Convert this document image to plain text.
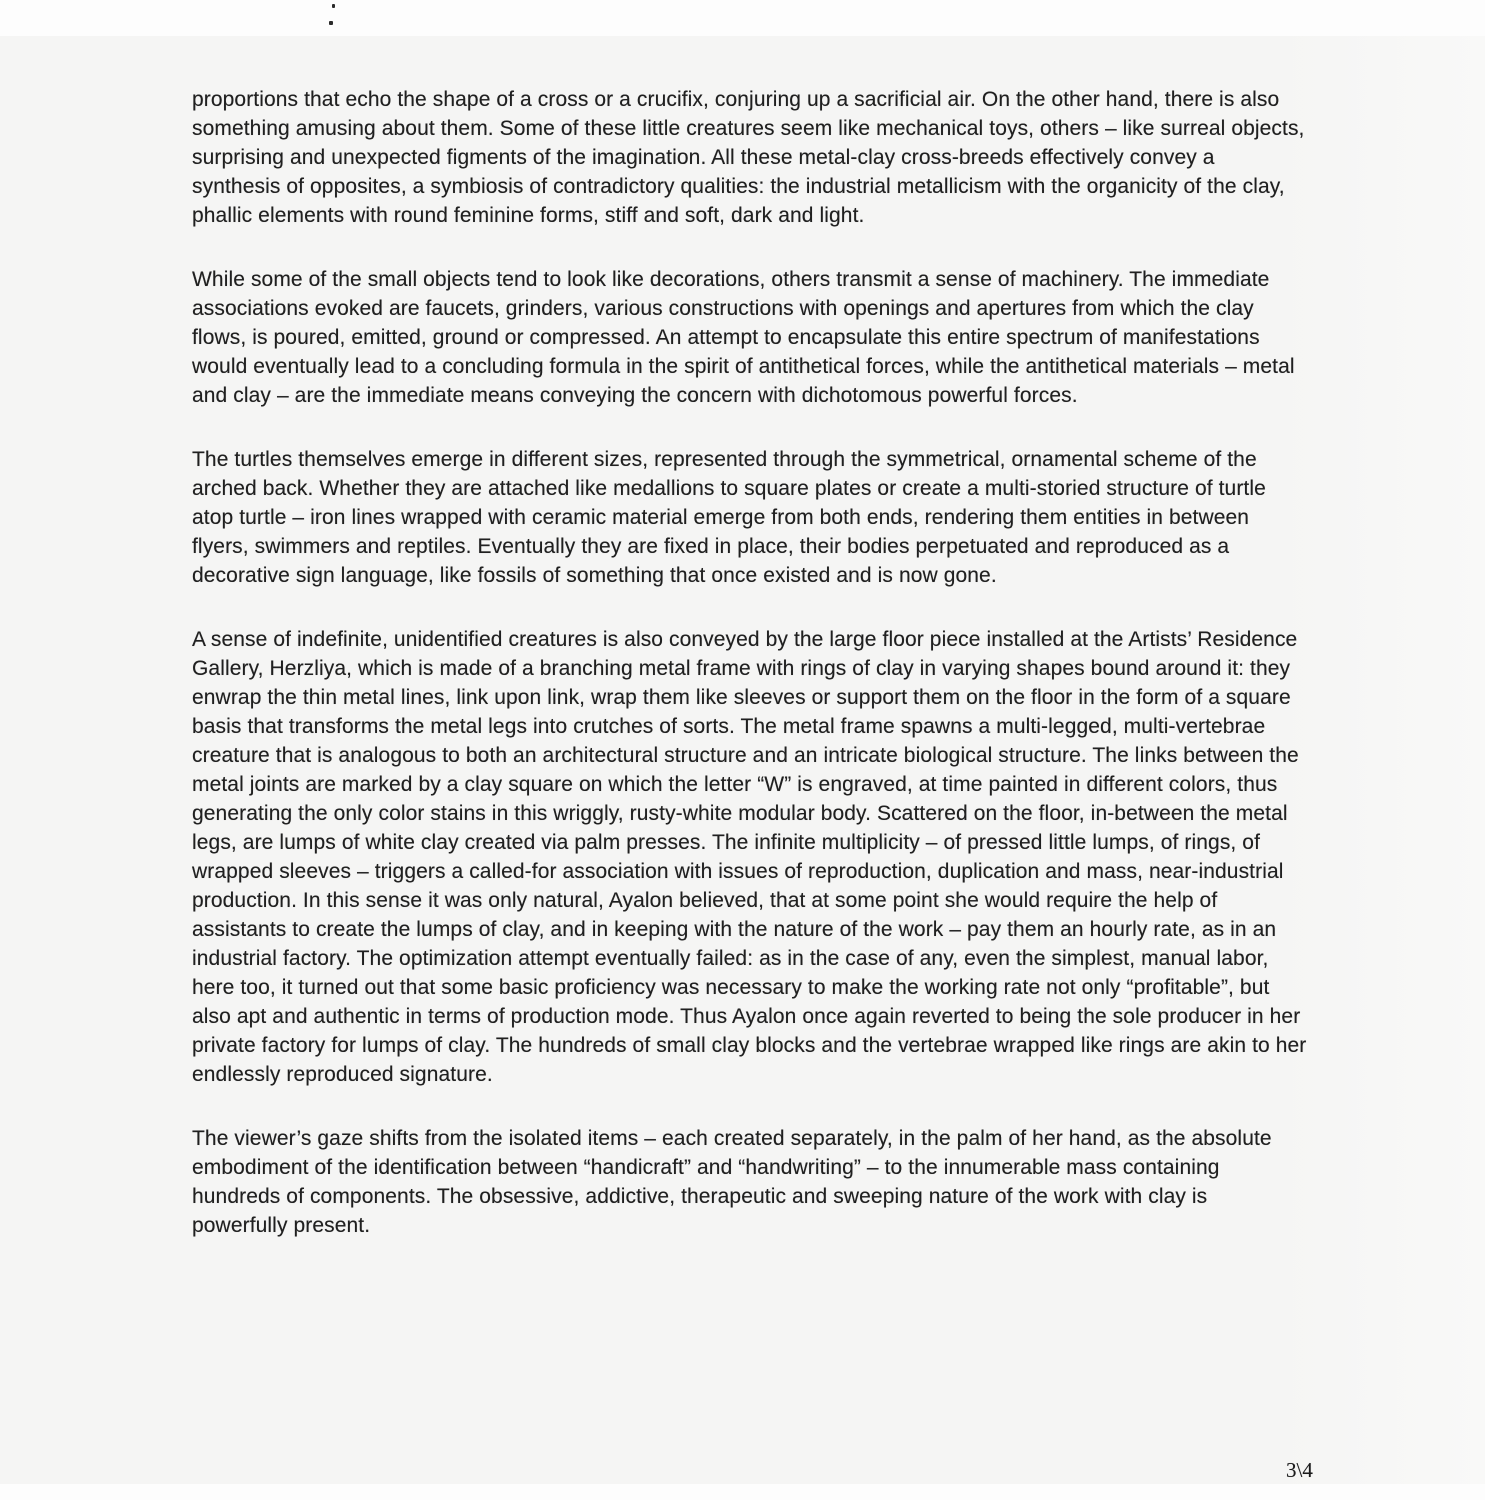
proportions that echo the shape of a cross or a crucifix, conjuring up a sacrificial air. On the other hand, there is also something amusing about them. Some of these little creatures seem like mechanical toys, others – like surreal objects, surprising and unexpected figments of the imagination. All these metal-clay cross-breeds effectively convey a synthesis of opposites, a symbiosis of contradictory qualities: the industrial metallicism with the organicity of the clay, phallic elements with round feminine forms, stiff and soft, dark and light.

While some of the small objects tend to look like decorations, others transmit a sense of machinery. The immediate associations evoked are faucets, grinders, various constructions with openings and apertures from which the clay flows, is poured, emitted, ground or compressed. An attempt to encapsulate this entire spectrum of manifestations would eventually lead to a concluding formula in the spirit of antithetical forces, while the antithetical materials – metal and clay – are the immediate means conveying the concern with dichotomous powerful forces.

The turtles themselves emerge in different sizes, represented through the symmetrical, ornamental scheme of the arched back. Whether they are attached like medallions to square plates or create a multi-storied structure of turtle atop turtle – iron lines wrapped with ceramic material emerge from both ends, rendering them entities in between flyers, swimmers and reptiles. Eventually they are fixed in place, their bodies perpetuated and reproduced as a decorative sign language, like fossils of something that once existed and is now gone.

A sense of indefinite, unidentified creatures is also conveyed by the large floor piece installed at the Artists’ Residence Gallery, Herzliya, which is made of a branching metal frame with rings of clay in varying shapes bound around it: they enwrap the thin metal lines, link upon link, wrap them like sleeves or support them on the floor in the form of a square basis that transforms the metal legs into crutches of sorts. The metal frame spawns a multi-legged, multi-vertebrae creature that is analogous to both an architectural structure and an intricate biological structure. The links between the metal joints are marked by a clay square on which the letter “W” is engraved, at time painted in different colors, thus generating the only color stains in this wriggly, rusty-white modular body. Scattered on the floor, in-between the metal legs, are lumps of white clay created via palm presses. The infinite multiplicity – of pressed little lumps, of rings, of wrapped sleeves – triggers a called-for association with issues of reproduction, duplication and mass, near-industrial production. In this sense it was only natural, Ayalon believed, that at some point she would require the help of assistants to create the lumps of clay, and in keeping with the nature of the work – pay them an hourly rate, as in an industrial factory. The optimization attempt eventually failed: as in the case of any, even the simplest, manual labor, here too, it turned out that some basic proficiency was necessary to make the working rate not only “profitable”, but also apt and authentic in terms of production mode. Thus Ayalon once again reverted to being the sole producer in her private factory for lumps of clay. The hundreds of small clay blocks and the vertebrae wrapped like rings are akin to her endlessly reproduced signature.

The viewer’s gaze shifts from the isolated items – each created separately, in the palm of her hand, as the absolute embodiment of the identification between “handicraft” and “handwriting” – to the innumerable mass containing hundreds of components. The obsessive, addictive, therapeutic and sweeping nature of the work with clay is powerfully present.

3\4
